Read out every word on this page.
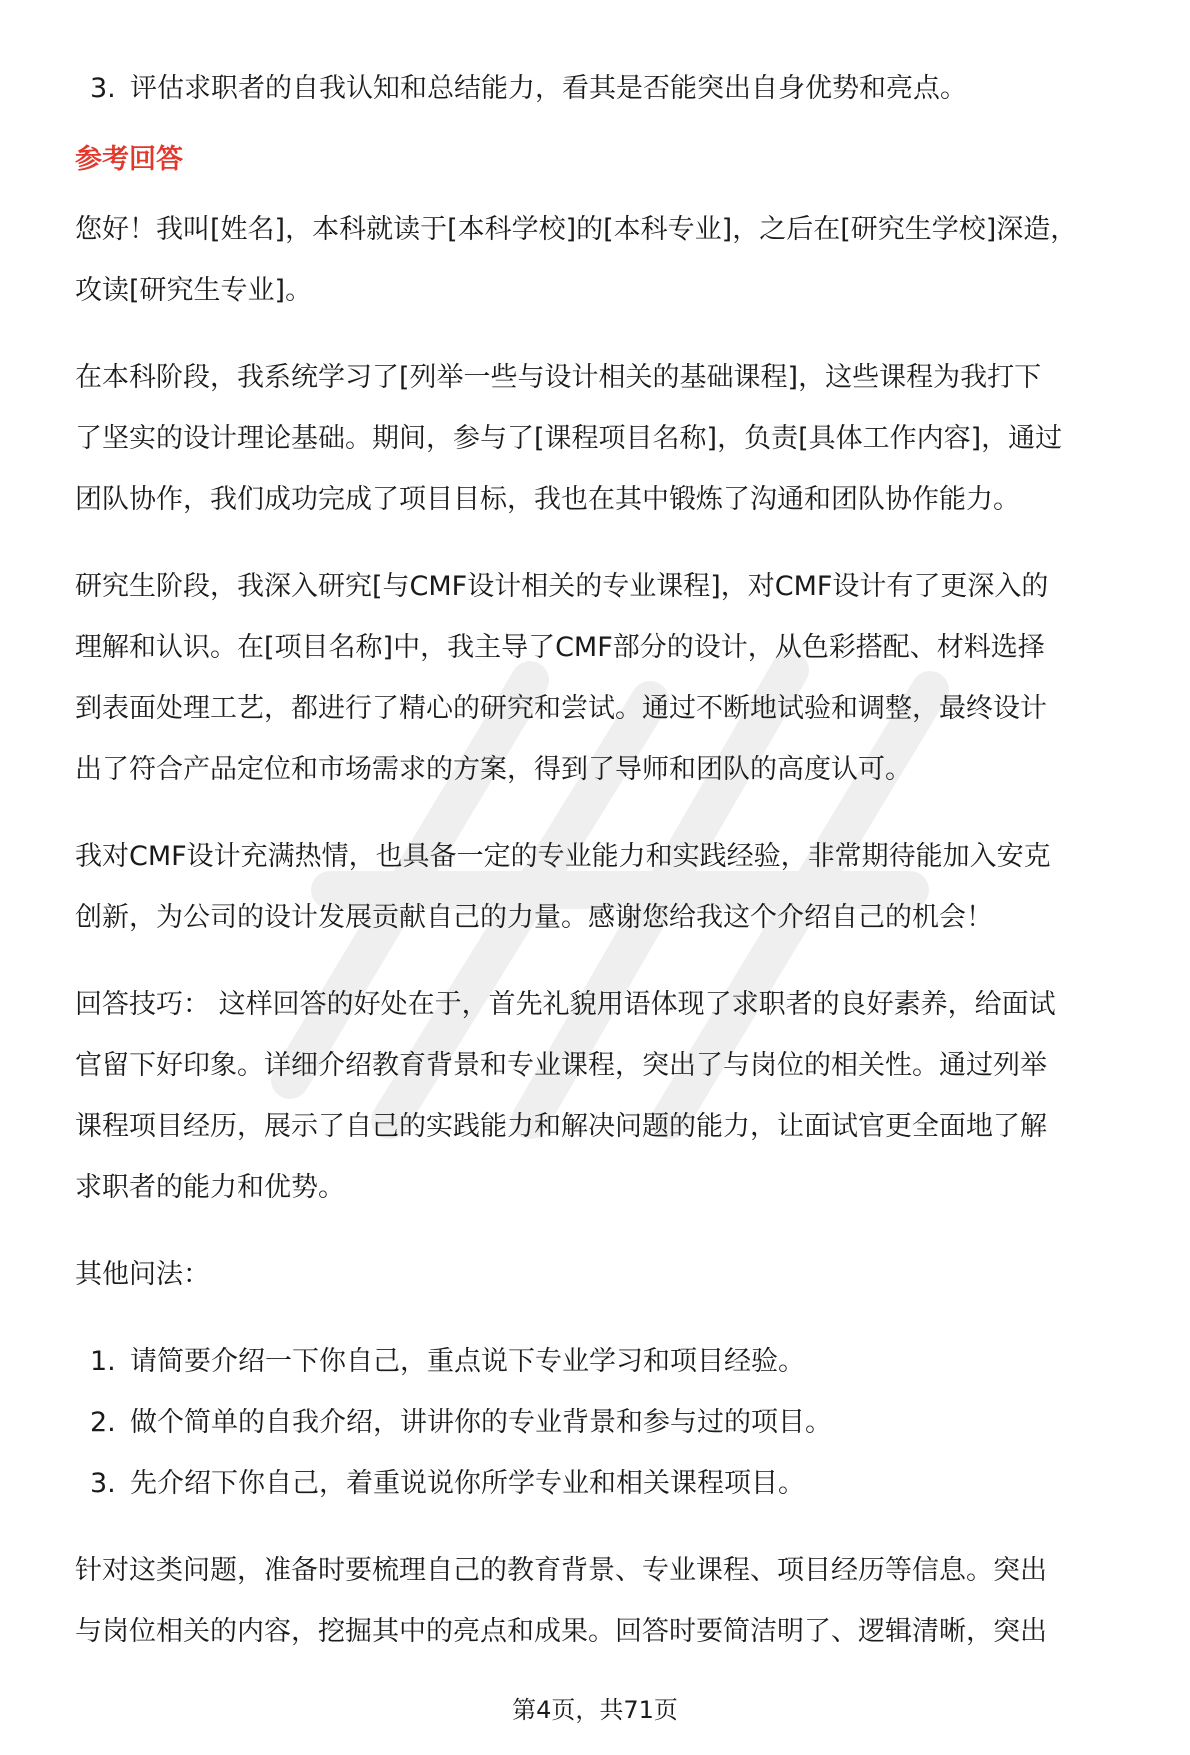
3. 评估求职者的自我认知和总结能力，看其是否能突出自身优势和亮点。
参考回答
您好！我叫[姓名]，本科就读于[本科学校]的[本科专业]，之后在[研究生学校]深造，
攻读[研究生专业]。
在本科阶段，我系统学习了[列举一些与设计相关的基础课程]，这些课程为我打下
了坚实的设计理论基础。期间，参与了[课程项目名称]，负责[具体工作内容]，通过
团队协作，我们成功完成了项目目标，我也在其中锻炼了沟通和团队协作能力。
研究生阶段，我深入研究[与CMF设计相关的专业课程]，对CMF设计有了更深入的
理解和认识。在[项目名称]中，我主导了CMF部分的设计，从色彩搭配、材料选择
到表面处理工艺，都进行了精心的研究和尝试。通过不断地试验和调整，最终设计
出了符合产品定位和市场需求的方案，得到了导师和团队的高度认可。
我对CMF设计充满热情，也具备一定的专业能力和实践经验，非常期待能加入安克
创新，为公司的设计发展贡献自己的力量。感谢您给我这个介绍自己的机会！
回答技巧： 这样回答的好处在于，首先礼貌用语体现了求职者的良好素养，给面试
官留下好印象。详细介绍教育背景和专业课程，突出了与岗位的相关性。通过列举
课程项目经历，展示了自己的实践能力和解决问题的能力，让面试官更全面地了解
求职者的能力和优势。
其他问法：
1. 请简要介绍一下你自己，重点说下专业学习和项目经验。
2. 做个简单的自我介绍，讲讲你的专业背景和参与过的项目。
3. 先介绍下你自己，着重说说你所学专业和相关课程项目。
针对这类问题，准备时要梳理自己的教育背景、专业课程、项目经历等信息。突出
与岗位相关的内容，挖掘其中的亮点和成果。回答时要简洁明了、逻辑清晰，突出
第4页，共71页
